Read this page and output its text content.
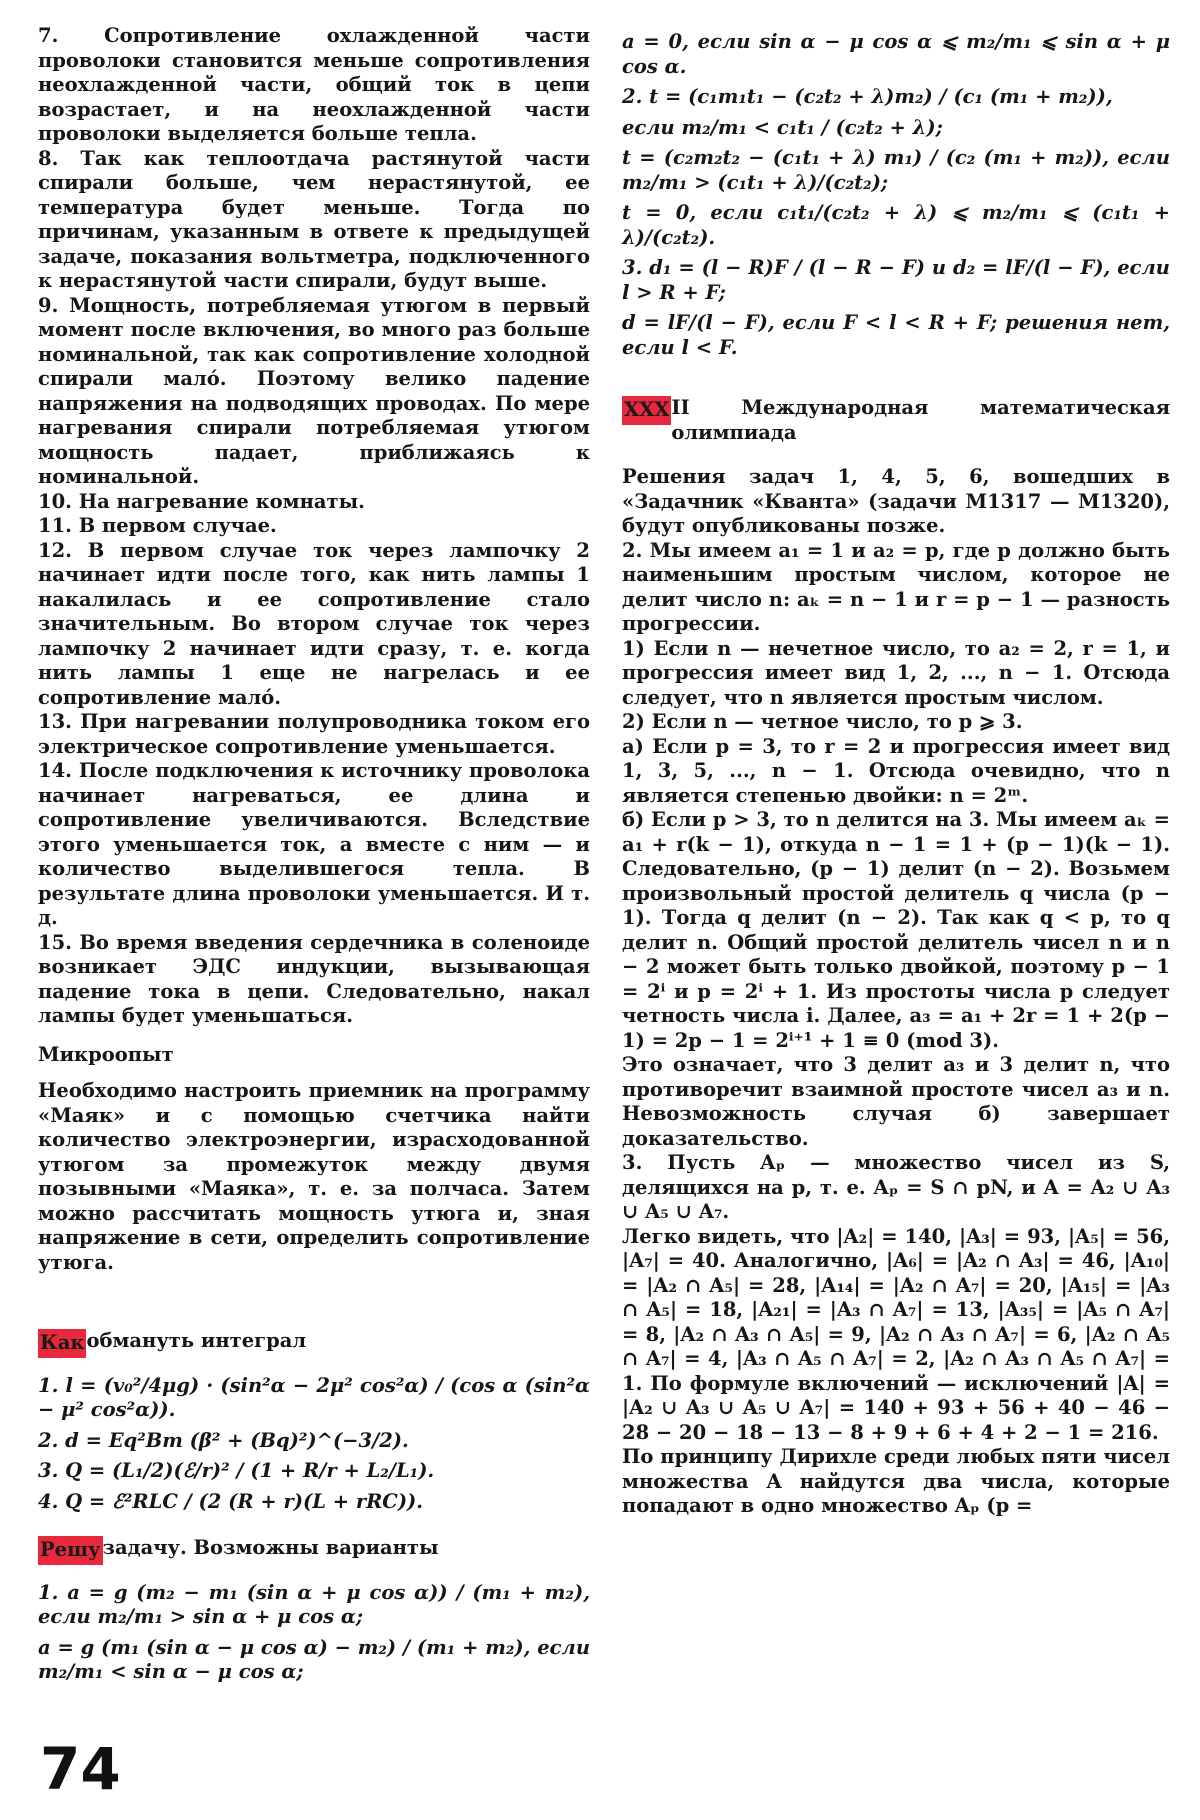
7. Сопротивление охлажденной части проволоки становится меньше сопротивления неохлажденной части, общий ток в цепи возрастает, и на неохлажденной части проволоки выделяется больше тепла.

8. Так как теплоотдача растянутой части спирали больше, чем нерастянутой, ее температура будет меньше. Тогда по причинам, указанным в ответе к предыдущей задаче, показания вольтметра, подключенного к нерастянутой части спирали, будут выше.

9. Мощность, потребляемая утюгом в первый момент после включения, во много раз больше номинальной, так как сопротивление холодной спирали мало́. Поэтому велико падение напряжения на подводящих проводах. По мере нагревания спирали потребляемая утюгом мощность падает, приближаясь к номинальной.

10. На нагревание комнаты.

11. В первом случае.

12. В первом случае ток через лампочку 2 начинает идти после того, как нить лампы 1 накалилась и ее сопротивление стало значительным. Во втором случае ток через лампочку 2 начинает идти сразу, т. е. когда нить лампы 1 еще не нагрелась и ее сопротивление мало́.

13. При нагревании полупроводника током его электрическое сопротивление уменьшается.

14. После подключения к источнику проволока начинает нагреваться, ее длина и сопротивление увеличиваются. Вследствие этого уменьшается ток, а вместе с ним — и количество выделившегося тепла. В результате длина проволоки уменьшается. И т. д.

15. Во время введения сердечника в соленоиде возникает ЭДС индукции, вызывающая падение тока в цепи. Следовательно, накал лампы будет уменьшаться.

Микроопыт

Необходимо настроить приемник на программу «Маяк» и с помощью счетчика найти количество электроэнергии, израсходованной утюгом за промежуток между двумя позывными «Маяка», т. е. за полчаса. Затем можно рассчитать мощность утюга и, зная напряжение в сети, определить сопротивление утюга.

Как обмануть интеграл

1. l = (v₀²/4μg) · (sin²α − 2μ² cos²α) / (cos α (sin²α − μ² cos²α)).

2. d = Eq²Bm (β² + (Bq)²)^(−3/2).

3. Q = (L₁/2)(ℰ/r)² / (1 + R/r + L₂/L₁).

4. Q = ℰ²RLC / (2 (R + r)(L + rRC)).

Решу задачу. Возможны варианты

1. a = g (m₂ − m₁ (sin α + μ cos α)) / (m₁ + m₂), если m₂/m₁ > sin α + μ cos α;

a = g (m₁ (sin α − μ cos α) − m₂) / (m₁ + m₂), если m₂/m₁ < sin α − μ cos α;

a = 0, если sin α − μ cos α ⩽ m₂/m₁ ⩽ sin α + μ cos α.

2. t = (c₁m₁t₁ − (c₂t₂ + λ)m₂) / (c₁ (m₁ + m₂)),

если m₂/m₁ < c₁t₁ / (c₂t₂ + λ);

t = (c₂m₂t₂ − (c₁t₁ + λ) m₁) / (c₂ (m₁ + m₂)), если m₂/m₁ > (c₁t₁ + λ)/(c₂t₂);

t = 0, если c₁t₁/(c₂t₂ + λ) ⩽ m₂/m₁ ⩽ (c₁t₁ + λ)/(c₂t₂).

3. d₁ = (l − R)F / (l − R − F) и d₂ = lF/(l − F), если l > R + F;

d = lF/(l − F), если F < l < R + F; решения нет, если l < F.

XXX II Международная математическая олимпиада

Решения задач 1, 4, 5, 6, вошедших в «Задачник «Кванта» (задачи М1317 — М1320), будут опубликованы позже.

2. Мы имеем a₁ = 1 и a₂ = p, где p должно быть наименьшим простым числом, которое не делит число n: aₖ = n − 1 и r = p − 1 — разность прогрессии.

1) Если n — нечетное число, то a₂ = 2, r = 1, и прогрессия имеет вид 1, 2, ..., n − 1. Отсюда следует, что n является простым числом.

2) Если n — четное число, то p ⩾ 3.

а) Если p = 3, то r = 2 и прогрессия имеет вид 1, 3, 5, ..., n − 1. Отсюда очевидно, что n является степенью двойки: n = 2ᵐ.

б) Если p > 3, то n делится на 3. Мы имеем aₖ = a₁ + r(k − 1), откуда n − 1 = 1 + (p − 1)(k − 1). Следовательно, (p − 1) делит (n − 2). Возьмем произвольный простой делитель q числа (p − 1). Тогда q делит (n − 2). Так как q < p, то q делит n. Общий простой делитель чисел n и n − 2 может быть только двойкой, поэтому p − 1 = 2ⁱ и p = 2ⁱ + 1. Из простоты числа p следует четность числа i. Далее, a₃ = a₁ + 2r = 1 + 2(p − 1) = 2p − 1 = 2ⁱ⁺¹ + 1 ≡ 0 (mod 3).

Это означает, что 3 делит a₃ и 3 делит n, что противоречит взаимной простоте чисел a₃ и n. Невозможность случая б) завершает доказательство.

3. Пусть Aₚ — множество чисел из S, делящихся на p, т. е. Aₚ = S ∩ pN, и A = A₂ ∪ A₃ ∪ A₅ ∪ A₇.

Легко видеть, что |A₂| = 140, |A₃| = 93, |A₅| = 56, |A₇| = 40. Аналогично, |A₆| = |A₂ ∩ A₃| = 46, |A₁₀| = |A₂ ∩ A₅| = 28, |A₁₄| = |A₂ ∩ A₇| = 20, |A₁₅| = |A₃ ∩ A₅| = 18, |A₂₁| = |A₃ ∩ A₇| = 13, |A₃₅| = |A₅ ∩ A₇| = 8, |A₂ ∩ A₃ ∩ A₅| = 9, |A₂ ∩ A₃ ∩ A₇| = 6, |A₂ ∩ A₅ ∩ A₇| = 4, |A₃ ∩ A₅ ∩ A₇| = 2, |A₂ ∩ A₃ ∩ A₅ ∩ A₇| = 1. По формуле включений — исключений |A| = |A₂ ∪ A₃ ∪ A₅ ∪ A₇| = 140 + 93 + 56 + 40 − 46 − 28 − 20 − 18 − 13 − 8 + 9 + 6 + 4 + 2 − 1 = 216.

По принципу Дирихле среди любых пяти чисел множества A найдутся два числа, которые попадают в одно множество Aₚ (p =

74
